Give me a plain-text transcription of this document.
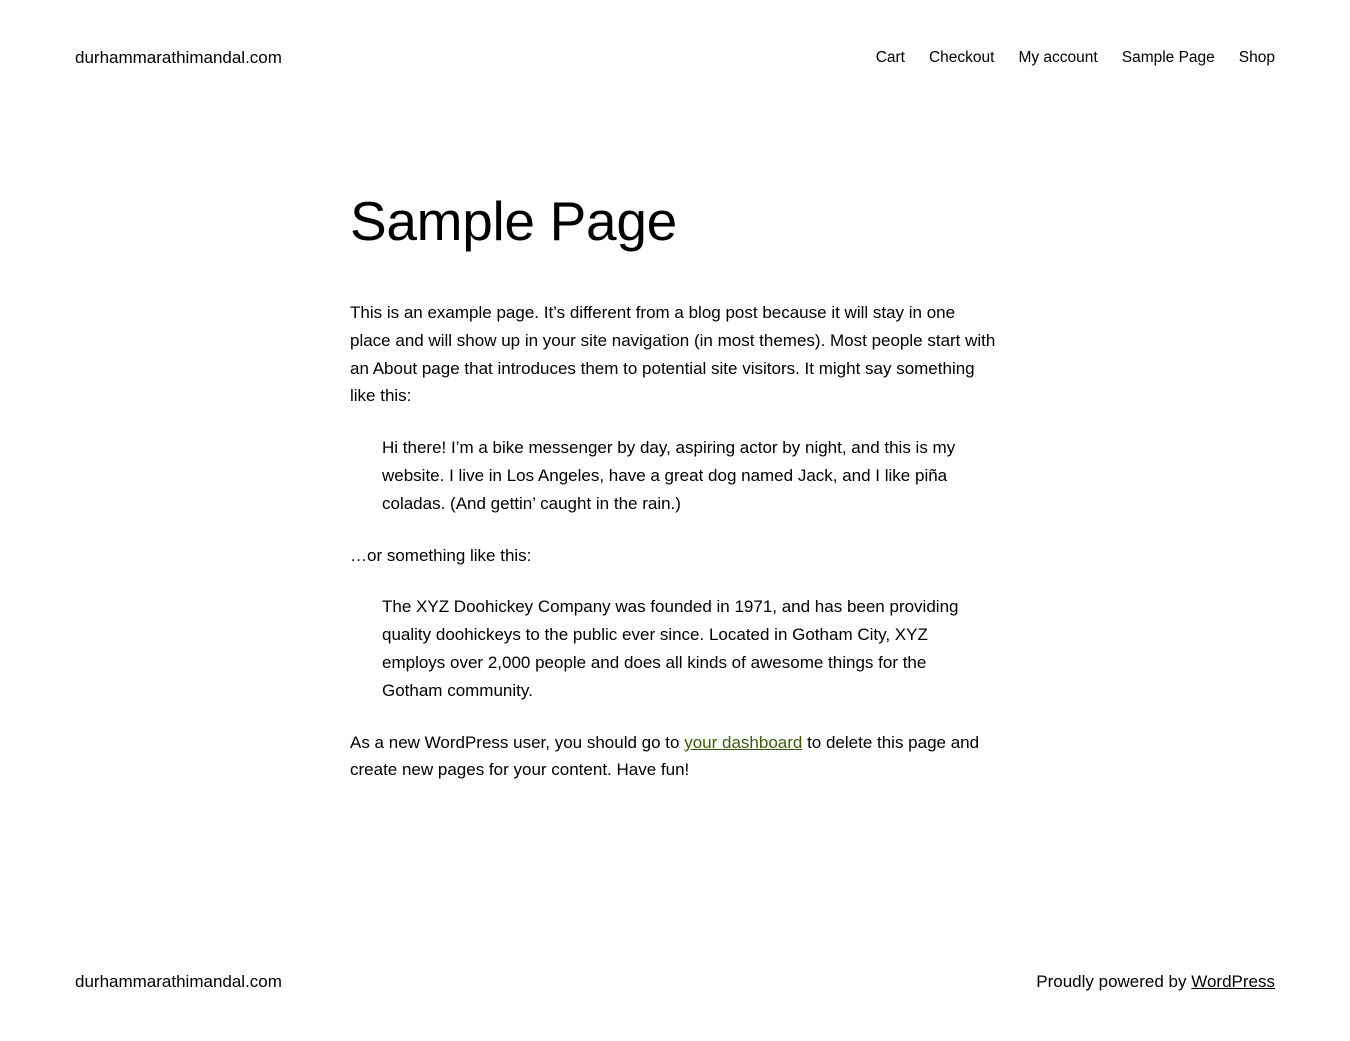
durhammarathimandal.com	Cart Checkout My account Sample Page Shop
Sample Page

This is an example page. It’s different from a blog post because it will stay in one place and will show up in your site navigation (in most themes). Most people start with an About page that introduces them to potential site visitors. It might say something like this:

Hi there! I’m a bike messenger by day, aspiring actor by night, and this is my website. I live in Los Angeles, have a great dog named Jack, and I like piña coladas. (And gettin’ caught in the rain.)

…or something like this:

The XYZ Doohickey Company was founded in 1971, and has been providing quality doohickeys to the public ever since. Located in Gotham City, XYZ employs over 2,000 people and does all kinds of awesome things for the Gotham community.

As a new WordPress user, you should go to your dashboard to delete this page and create new pages for your content. Have fun!

durhammarathimandal.com	Proudly powered by WordPress
